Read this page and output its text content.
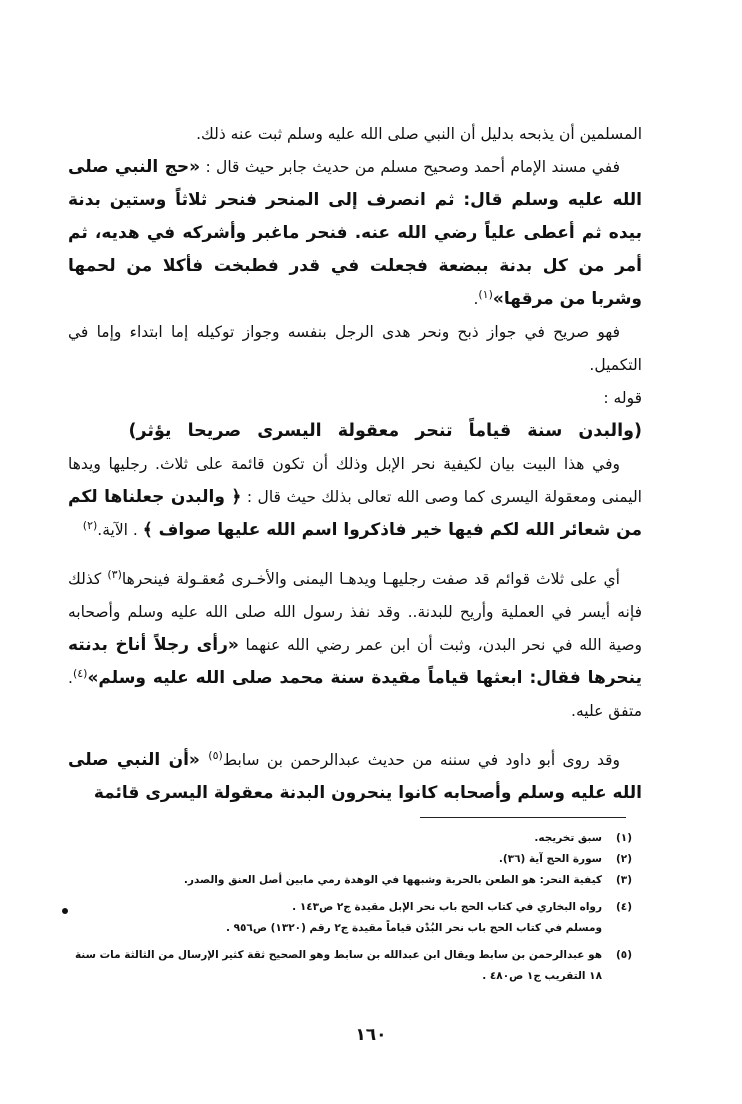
المسلمين أن يذبحه بدليل أن النبي صلى الله عليه وسلم ثبت عنه ذلك.

ففي مسند الإمام أحمد وصحيح مسلم من حديث جابر حيث قال : «حج النبي صلى الله عليه وسلم قال: ثم انصرف إلى المنحر فنحر ثلاثاً وستين بدنة بيده ثم أعطى علياً رضي الله عنه. فنحر ماغبر وأشركه في هديه، ثم أمر من كل بدنة ببضعة فجعلت في قدر فطبخت فأكلا من لحمها وشربا من مرقها»$^{(١)}$.

فهو صريح في جواز ذبح ونحر هدى الرجل بنفسه وجواز توكيله إما ابتداء وإما في التكميل.

قوله :

(والبدن سنة قياماً تنحر معقولة اليسرى صريحا يؤثر)

وفي هذا البيت بيان لكيفية نحر الإبل وذلك أن تكون قائمة على ثلاث. رجليها ويدها اليمنى ومعقولة اليسرى كما وصى الله تعالى بذلك حيث قال : ﴿ والبدن جعلناها لكم من شعائر الله لكم فيها خير فاذكروا اسم الله عليها صواف ﴾ . الآية.$^{(٢)}$

أي على ثلاث قوائم قد صفت رجليهـا ويدهـا اليمنى والأخـرى مُعقـولة فينحرها$^{(٣)}$ كذلك فإنه أيسر في العملية وأريح للبدنة.. وقد نفذ رسول الله صلى الله عليه وسلم وأصحابه وصية الله في نحر البدن، وثبت أن ابن عمر رضي الله عنهما «رأى رجلاً أناخ بدنته ينحرها فقال: ابعثها قياماً مقيدة سنة محمد صلى الله عليه وسلم»$^{(٤)}$. متفق عليه.

وقد روى أبو داود في سننه من حديث عبدالرحمن بن سابط$^{(٥)}$ «أن النبي صلى الله عليه وسلم وأصحابه كانوا ينحرون البدنة معقولة اليسرى قائمة

(١)
سبق تخريجه.
(٢)
سورة الحج آية (٣٦).
(٣)
كيفية النحر: هو الطعن بالحربة وشبهها في الوهدة رمي مابين أصل العنق والصدر.
(٤)
رواه البخاري في كتاب الحج باب نحر الإبل مقيدة ج٢ ص١٤٣ .
ومسلم في كتاب الحج باب نحر البُدْن قياماً مقيدة ج٢ رقم (١٣٢٠) ص٩٥٦ .
(٥)
هو عبدالرحمن بن سابط ويقال ابن عبدالله بن سابط وهو الصحيح ثقة كثير الإرسال من الثالثة مات سنة ١٨ التقريب ج١ ص٤٨٠ .
١٦٠
